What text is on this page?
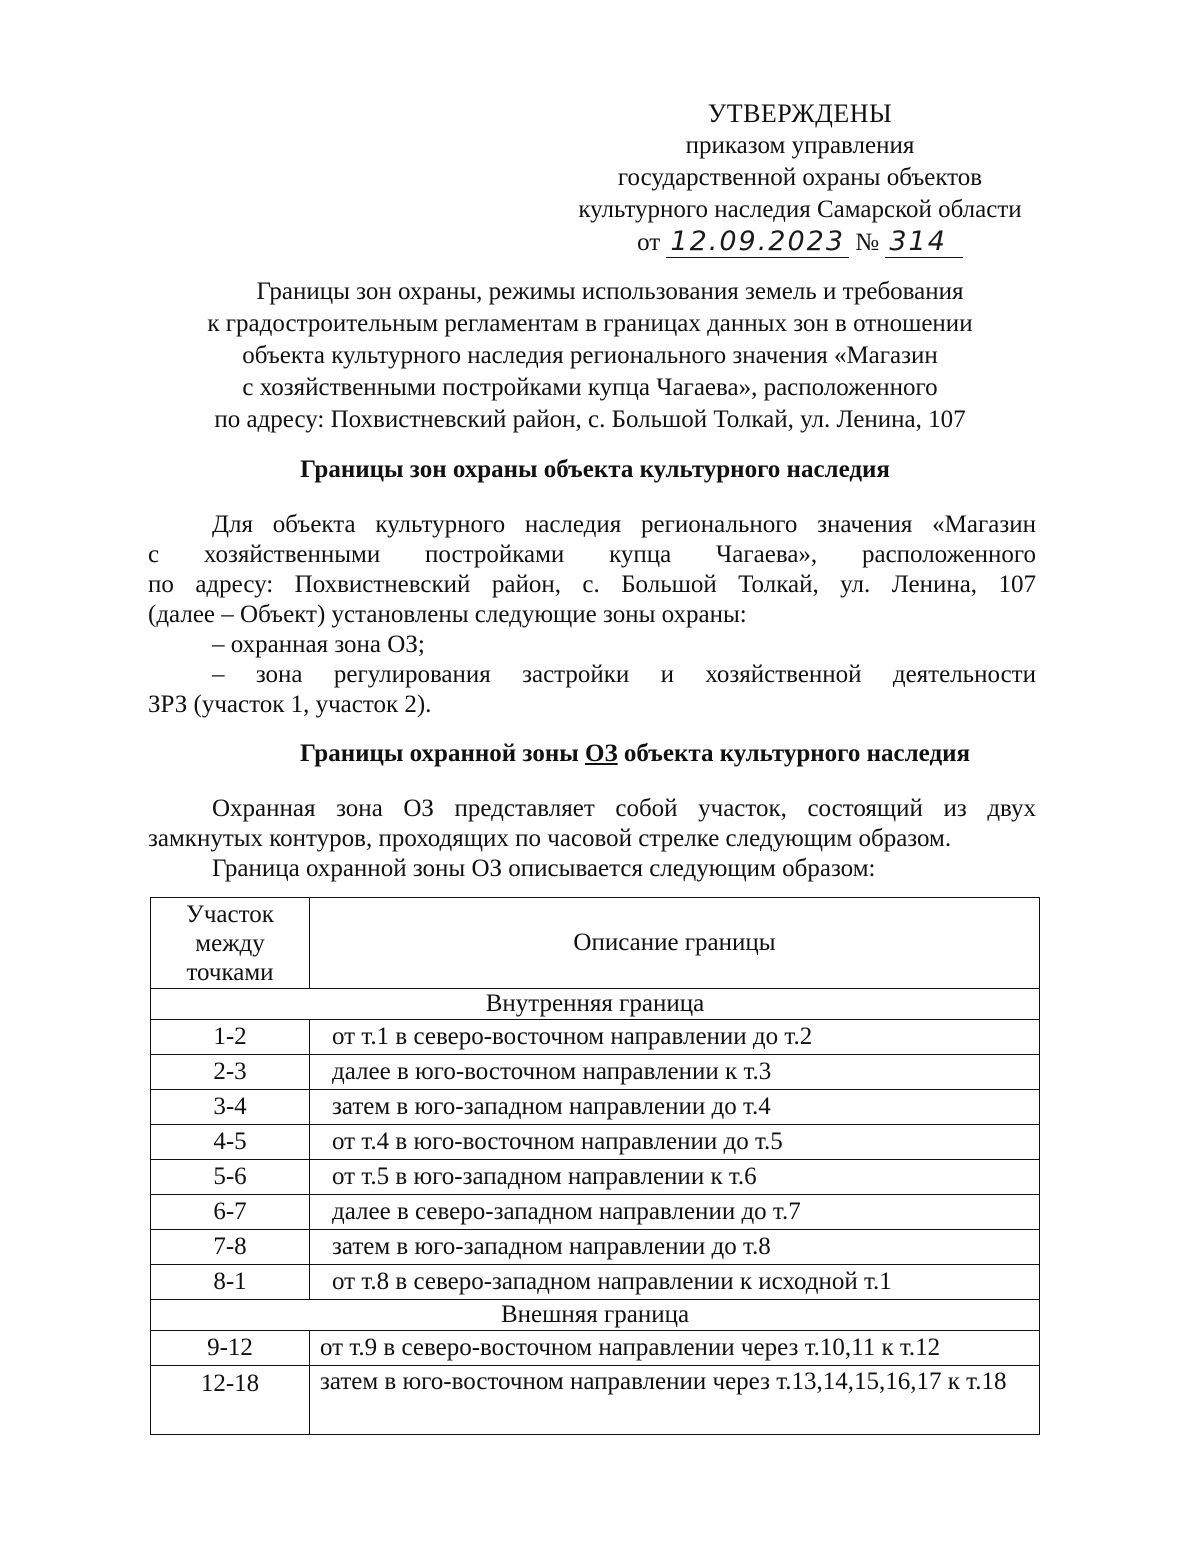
УТВЕРЖДЕНЫ
приказом управления
государственной охраны объектов
культурного наследия Самарской области
от 12.09.2023 № 314
Границы зон охраны, режимы использования земель и требования
к градостроительным регламентам в границах данных зон в отношении
объекта культурного наследия регионального значения «Магазин
с хозяйственными постройками купца Чагаева», расположенного
по адресу: Похвистневский район, с. Большой Толкай, ул. Ленина, 107
Границы зон охраны объекта культурного наследия
Для объекта культурного наследия регионального значения «Магазин
с хозяйственными постройками купца Чагаева», расположенного
по адресу: Похвистневский район, с. Большой Толкай, ул. Ленина, 107
(далее – Объект) установлены следующие зоны охраны:
– охранная зона ОЗ;
– зона регулирования застройки и хозяйственной деятельности
ЗРЗ (участок 1, участок 2).
Границы охранной зоны ОЗ объекта культурного наследия
Охранная зона ОЗ представляет собой участок, состоящий из двух
замкнутых контуров, проходящих по часовой стрелке следующим образом.
Граница охранной зоны ОЗ описывается следующим образом:
Участок
между
точками	Описание границы
Внутренняя граница	
1-2	от т.1 в северо-восточном направлении до т.2
2-3	далее в юго-восточном направлении к т.3
3-4	затем в юго-западном направлении до т.4
4-5	от т.4 в юго-восточном направлении до т.5
5-6	от т.5 в юго-западном направлении к т.6
6-7	далее в северо-западном направлении до т.7
7-8	затем в юго-западном направлении до т.8
8-1	от т.8 в северо-западном направлении к исходной т.1
Внешняя граница	
9-12	от т.9 в северо-восточном направлении через т.10,11 к т.12
12-18	затем в юго-восточном направлении через т.13,14,15,16,17 к т.18
